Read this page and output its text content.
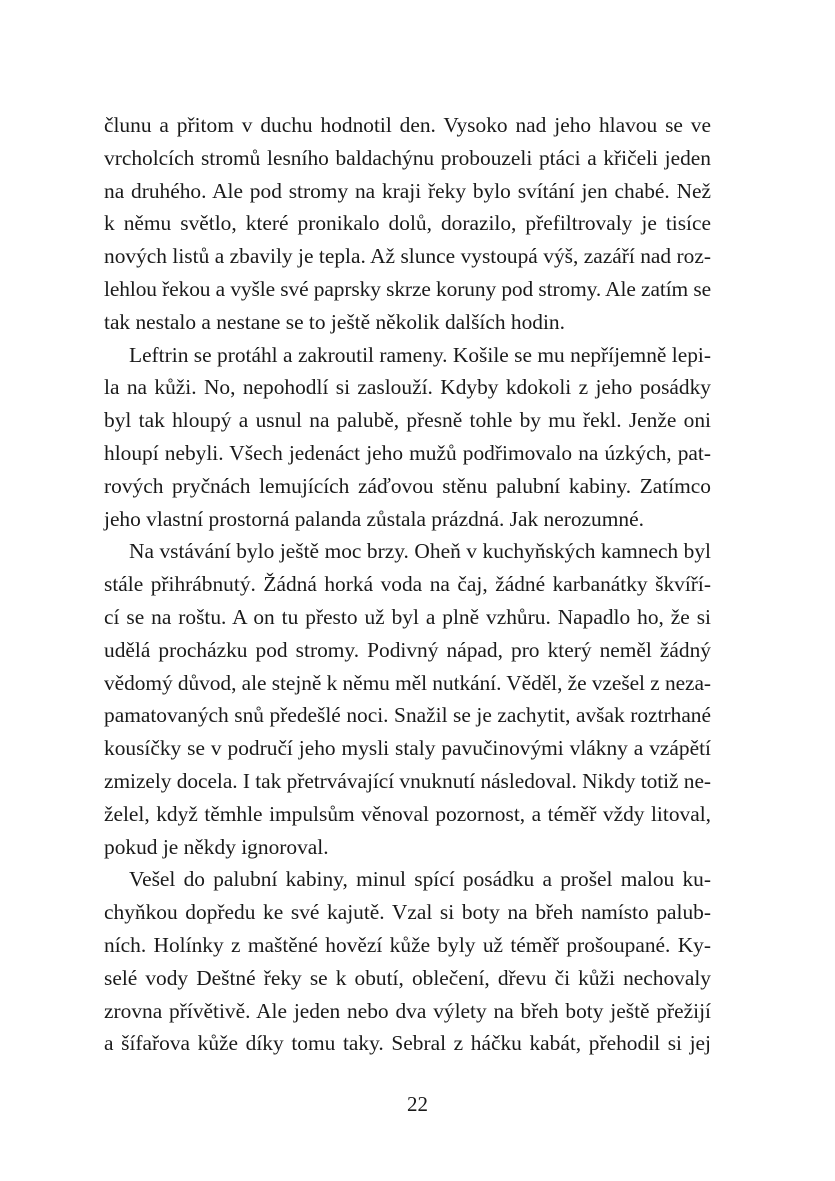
člunu a přitom v duchu hodnotil den. Vysoko nad jeho hlavou se ve
vrcholcích stromů lesního baldachýnu probouzeli ptáci a křičeli jeden
na druhého. Ale pod stromy na kraji řeky bylo svítání jen chabé. Než
k němu světlo, které pronikalo dolů, dorazilo, přefiltrovaly je tisíce
nových listů a zbavily je tepla. Až slunce vystoupá výš, zazáří nad roz-
lehlou řekou a vyšle své paprsky skrze koruny pod stromy. Ale zatím se
tak nestalo a nestane se to ještě několik dalších hodin.
Leftrin se protáhl a zakroutil rameny. Košile se mu nepříjemně lepi-
la na kůži. No, nepohodlí si zaslouží. Kdyby kdokoli z jeho posádky
byl tak hloupý a usnul na palubě, přesně tohle by mu řekl. Jenže oni
hloupí nebyli. Všech jedenáct jeho mužů podřimovalo na úzkých, pat-
rových pryčnách lemujících záďovou stěnu palubní kabiny. Zatímco
jeho vlastní prostorná palanda zůstala prázdná. Jak nerozumné.
Na vstávání bylo ještě moc brzy. Oheň v kuchyňských kamnech byl
stále přihrábnutý. Žádná horká voda na čaj, žádné karbanátky škvíří-
cí se na roštu. A on tu přesto už byl a plně vzhůru. Napadlo ho, že si
udělá procházku pod stromy. Podivný nápad, pro který neměl žádný
vědomý důvod, ale stejně k němu měl nutkání. Věděl, že vzešel z neza-
pamatovaných snů předešlé noci. Snažil se je zachytit, avšak roztrhané
kousíčky se v područí jeho mysli staly pavučinovými vlákny a vzápětí
zmizely docela. I tak přetrvávající vnuknutí následoval. Nikdy totiž ne-
želel, když těmhle impulsům věnoval pozornost, a téměř vždy litoval,
pokud je někdy ignoroval.
Vešel do palubní kabiny, minul spící posádku a prošel malou ku-
chyňkou dopředu ke své kajutě. Vzal si boty na břeh namísto palub-
ních. Holínky z maštěné hovězí kůže byly už téměř prošoupané. Ky-
selé vody Deštné řeky se k obutí, oblečení, dřevu či kůži nechovaly
zrovna přívětivě. Ale jeden nebo dva výlety na břeh boty ještě přežijí
a šífařova kůže díky tomu taky. Sebral z háčku kabát, přehodil si jej
22
